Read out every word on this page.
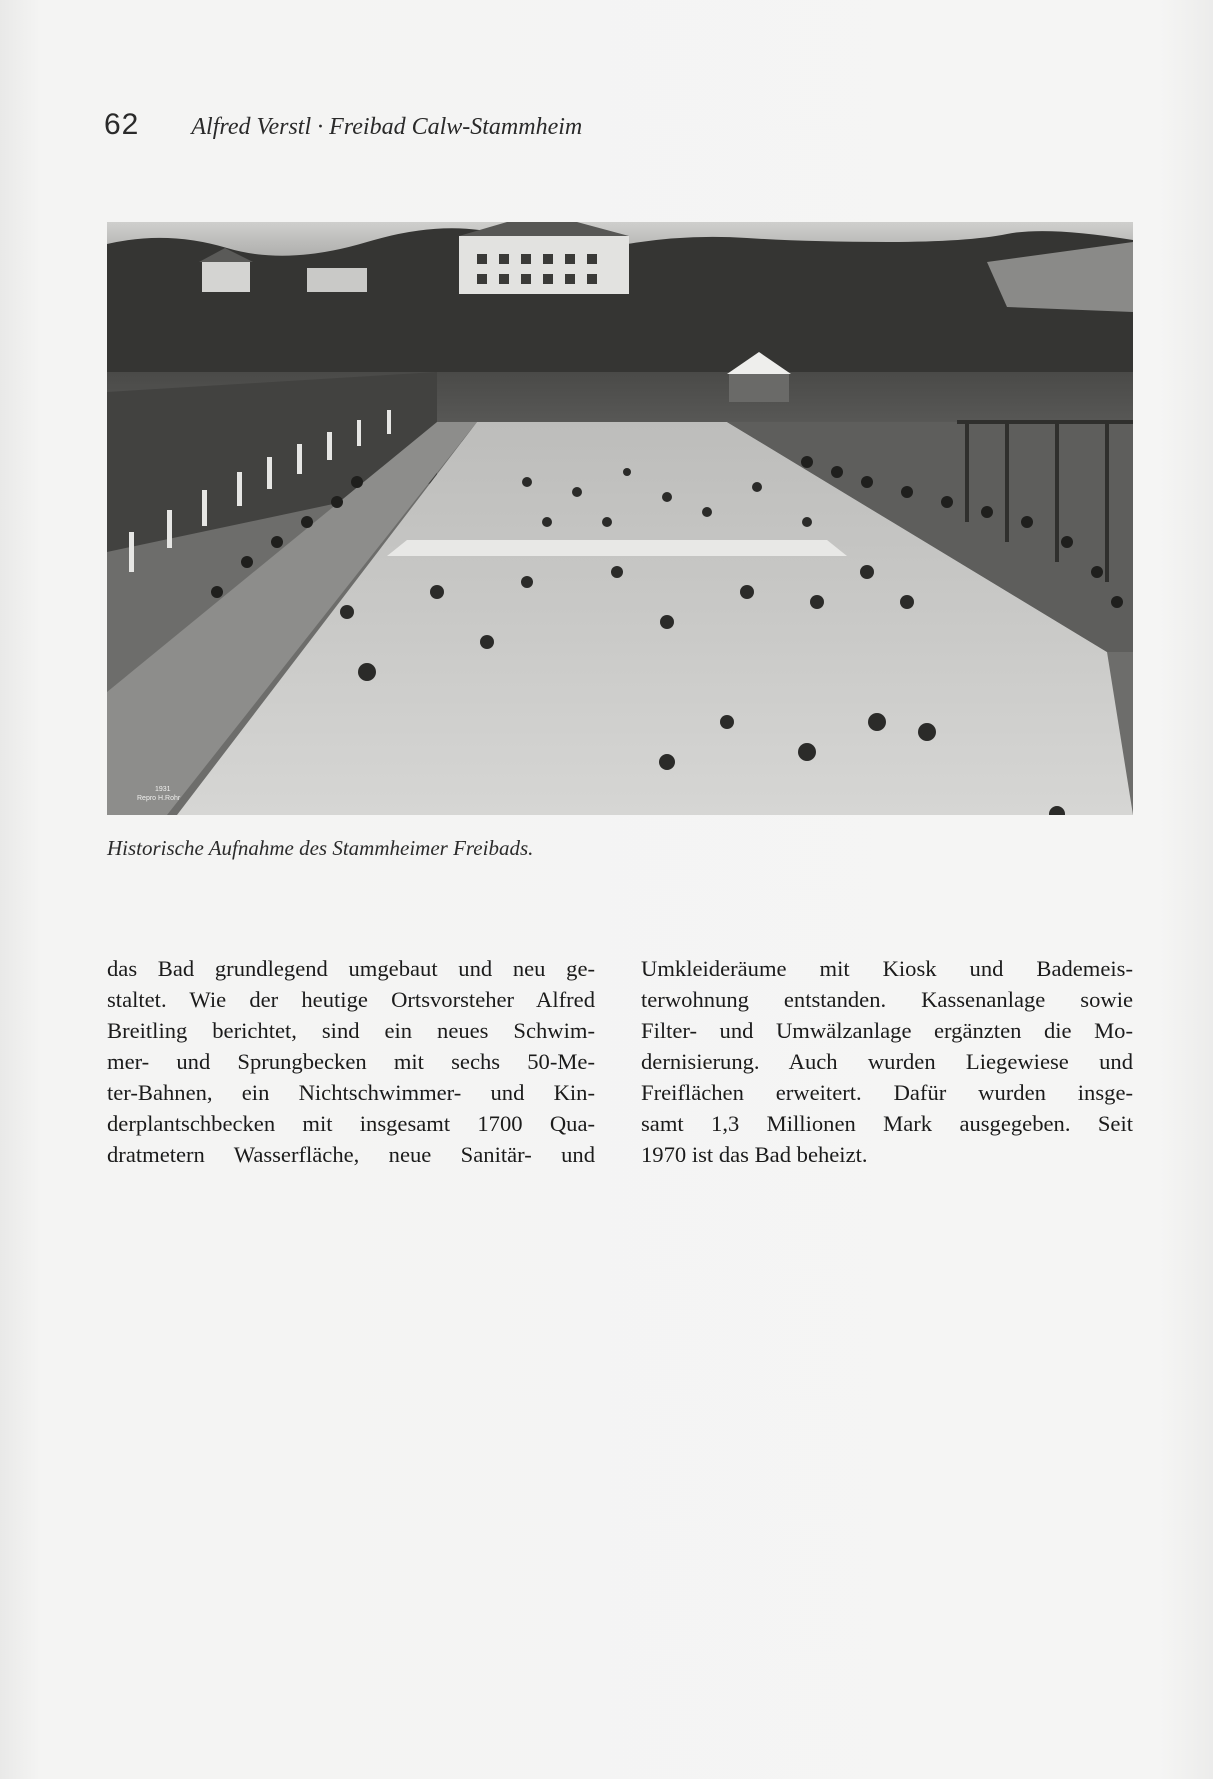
62 Alfred Verstl · Freibad Calw-Stammheim
1931
Repro H.Rohr
Historische Aufnahme des Stammheimer Freibads.
das Bad grundlegend umgebaut und neu ge-
staltet. Wie der heutige Ortsvorsteher Alfred
Breitling berichtet, sind ein neues Schwim-
mer- und Sprungbecken mit sechs 50-Me-
ter-Bahnen, ein Nichtschwimmer- und Kin-
derplantschbecken mit insgesamt 1700 Qua-
dratmetern Wasserfläche, neue Sanitär- und
Umkleideräume mit Kiosk und Bademeis-
terwohnung entstanden. Kassenanlage sowie
Filter- und Umwälzanlage ergänzten die Mo-
dernisierung. Auch wurden Liegewiese und
Freiflächen erweitert. Dafür wurden insge-
samt 1,3 Millionen Mark ausgegeben. Seit
1970 ist das Bad beheizt.
